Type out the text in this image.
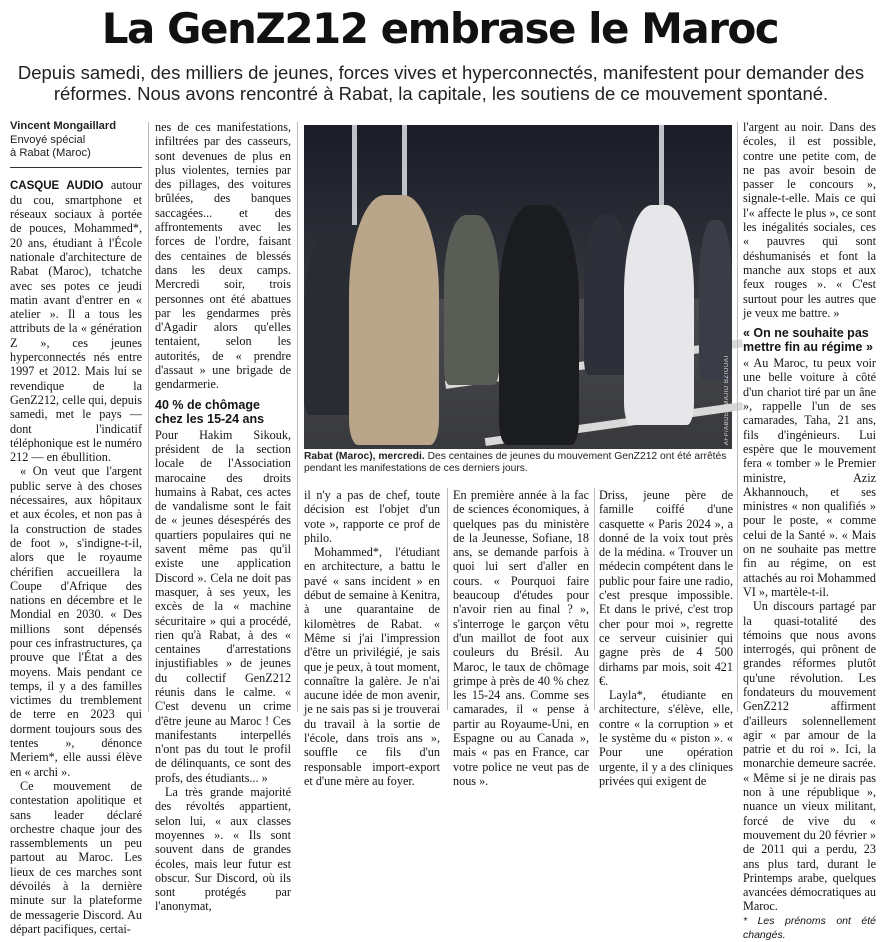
La GenZ212 embrase le Maroc
Depuis samedi, des milliers de jeunes, forces vives et hyperconnectés, manifestent pour demander des réformes. Nous avons rencontré à Rabat, la capitale, les soutiens de ce mouvement spontané.
Vincent Mongaillard
Envoyé spécial
à Rabat (Maroc)

CASQUE AUDIO autour du cou, smartphone et réseaux sociaux à portée de pouces, Mohammed*, 20 ans, étudiant à l'École nationale d'architecture de Rabat (Maroc), tchatche avec ses potes ce jeudi matin avant d'entrer en « atelier ». Il a tous les attributs de la « génération Z », ces jeunes hyperconnectés nés entre 1997 et 2012. Mais lui se revendique de la GenZ212, celle qui, depuis samedi, met le pays — dont l'indicatif téléphonique est le numéro 212 — en ébullition.

« On veut que l'argent public serve à des choses nécessaires, aux hôpitaux et aux écoles, et non pas à la construction de stades de foot », s'indigne-t-il, alors que le royaume chérifien accueillera la Coupe d'Afrique des nations en décembre et le Mondial en 2030. « Des millions sont dépensés pour ces infrastructures, ça prouve que l'État a des moyens. Mais pendant ce temps, il y a des familles victimes du tremblement de terre en 2023 qui dorment toujours sous des tentes », dénonce Meriem*, elle aussi élève en « archi ».

Ce mouvement de contestation apolitique et sans leader déclaré orchestre chaque jour des rassemblements un peu partout au Maroc. Les lieux de ces marches sont dévoilés à la dernière minute sur la plateforme de messagerie Discord. Au départ pacifiques, certai-

nes de ces manifestations, infiltrées par des casseurs, sont devenues de plus en plus violentes, ternies par des pillages, des voitures brûlées, des banques saccagées... et des affrontements avec les forces de l'ordre, faisant des centaines de blessés dans les deux camps. Mercredi soir, trois personnes ont été abattues par les gendarmes près d'Agadir alors qu'elles tentaient, selon les autorités, de « prendre d'assaut » une brigade de gendarmerie.

40 % de chômage chez les 15-24 ans

Pour Hakim Sikouk, président de la section locale de l'Association marocaine des droits humains à Rabat, ces actes de vandalisme sont le fait de « jeunes désespérés des quartiers populaires qui ne savent même pas qu'il existe une application Discord ». Cela ne doit pas masquer, à ses yeux, les excès de la « machine sécuritaire » qui a procédé, rien qu'à Rabat, à des « centaines d'arrestations injustifiables » de jeunes du collectif GenZ212 réunis dans le calme. « C'est devenu un crime d'être jeune au Maroc ! Ces manifestants interpellés n'ont pas du tout le profil de délinquants, ce sont des profs, des étudiants... »

La très grande majorité des révoltés appartient, selon lui, « aux classes moyennes ». « Ils sont souvent dans de grandes écoles, mais leur futur est obscur. Sur Discord, où ils sont protégés par l'anonymat,

AFP/ABDEL MAJID BZIOUAT
Rabat (Maroc), mercredi. Des centaines de jeunes du mouvement GenZ212 ont été arrêtés pendant les manifestations de ces derniers jours.

il n'y a pas de chef, toute décision est l'objet d'un vote », rapporte ce prof de philo.

Mohammed*, l'étudiant en architecture, a battu le pavé « sans incident » en début de semaine à Kenitra, à une quarantaine de kilomètres de Rabat. « Même si j'ai l'impression d'être un privilégié, je sais que je peux, à tout moment, connaître la galère. Je n'ai aucune idée de mon avenir, je ne sais pas si je trouverai du travail à la sortie de l'école, dans trois ans », souffle ce fils d'un responsable import-export et d'une mère au foyer.

En première année à la fac de sciences économiques, à quelques pas du ministère de la Jeunesse, Sofiane, 18 ans, se demande parfois à quoi lui sert d'aller en cours. « Pourquoi faire beaucoup d'études pour n'avoir rien au final ? », s'interroge le garçon vêtu d'un maillot de foot aux couleurs du Brésil. Au Maroc, le taux de chômage grimpe à près de 40 % chez les 15-24 ans. Comme ses camarades, il « pense à partir au Royaume-Uni, en Espagne ou au Canada », mais « pas en France, car votre police ne veut pas de nous ».

Driss, jeune père de famille coiffé d'une casquette « Paris 2024 », a donné de la voix tout près de la médina. « Trouver un médecin compétent dans le public pour faire une radio, c'est presque impossible. Et dans le privé, c'est trop cher pour moi », regrette ce serveur cuisinier qui gagne près de 4 500 dirhams par mois, soit 421 €.

Layla*, étudiante en architecture, s'élève, elle, contre « la corruption » et le système du « piston ». « Pour une opération urgente, il y a des cliniques privées qui exigent de

l'argent au noir. Dans des écoles, il est possible, contre une petite com, de ne pas avoir besoin de passer le concours », signale-t-elle. Mais ce qui l'« affecte le plus », ce sont les inégalités sociales, ces « pauvres qui sont déshumanisés et font la manche aux stops et aux feux rouges ». « C'est surtout pour les autres que je veux me battre. »

« On ne souhaite pas mettre fin au régime »

« Au Maroc, tu peux voir une belle voiture à côté d'un chariot tiré par un âne », rappelle l'un de ses camarades, Taha, 21 ans, fils d'ingénieurs. Lui espère que le mouvement fera « tomber » le Premier ministre, Aziz Akhannouch, et ses ministres « non qualifiés » pour le poste, « comme celui de la Santé ». « Mais on ne souhaite pas mettre fin au régime, on est attachés au roi Mohammed VI », martèle-t-il.

Un discours partagé par la quasi-totalité des témoins que nous avons interrogés, qui prônent de grandes réformes plutôt qu'une révolution. Les fondateurs du mouvement GenZ212 affirment d'ailleurs solennellement agir « par amour de la patrie et du roi ». Ici, la monarchie demeure sacrée. « Même si je ne dirais pas non à une république », nuance un vieux militant, forcé de vive du « mouvement du 20 février » de 2011 qui a perdu, 23 ans plus tard, durant le Printemps arabe, quelques avancées démocratiques au Maroc.

* Les prénoms ont été changés.
